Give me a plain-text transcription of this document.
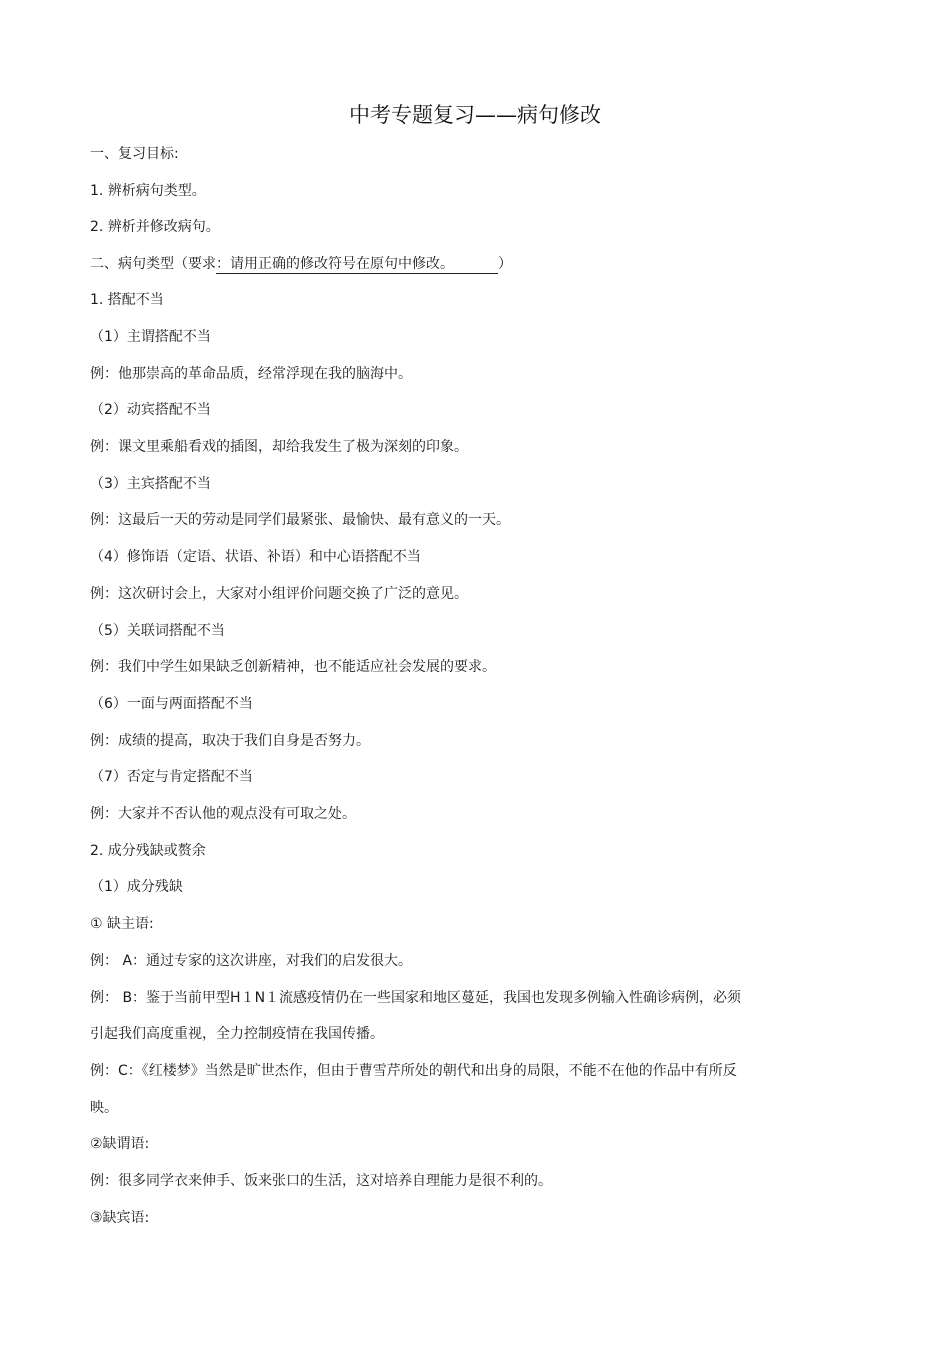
中考专题复习——病句修改
一、复习目标:
1. 辨析病句类型。
2. 辨析并修改病句。
二、病句类型（要求：请用正确的修改符号在原句中修改。	）
1. 搭配不当
（1）主谓搭配不当
例：他那崇高的革命品质，经常浮现在我的脑海中。
（2）动宾搭配不当
例：课文里乘船看戏的插图，却给我发生了极为深刻的印象。
（3）主宾搭配不当
例：这最后一天的劳动是同学们最紧张、最愉快、最有意义的一天。
（4）修饰语（定语、状语、补语）和中心语搭配不当
例：这次研讨会上，大家对小组评价问题交换了广泛的意见。
（5）关联词搭配不当
例：我们中学生如果缺乏创新精神，也不能适应社会发展的要求。
（6）一面与两面搭配不当
例：成绩的提高，取决于我们自身是否努力。
（7）否定与肯定搭配不当
例：大家并不否认他的观点没有可取之处。
2. 成分残缺或赘余
（1）成分残缺
① 缺主语:
例： A：通过专家的这次讲座，对我们的启发很大。
例： B：鉴于当前甲型H１N１流感疫情仍在一些国家和地区蔓延，我国也发现多例输入性确诊病例，必须
引起我们高度重视，全力控制疫情在我国传播。
例：C：《红楼梦》当然是旷世杰作，但由于曹雪芹所处的朝代和出身的局限，不能不在他的作品中有所反
映。
②缺谓语:
例：很多同学衣来伸手、饭来张口的生活，这对培养自理能力是很不利的。
③缺宾语:
